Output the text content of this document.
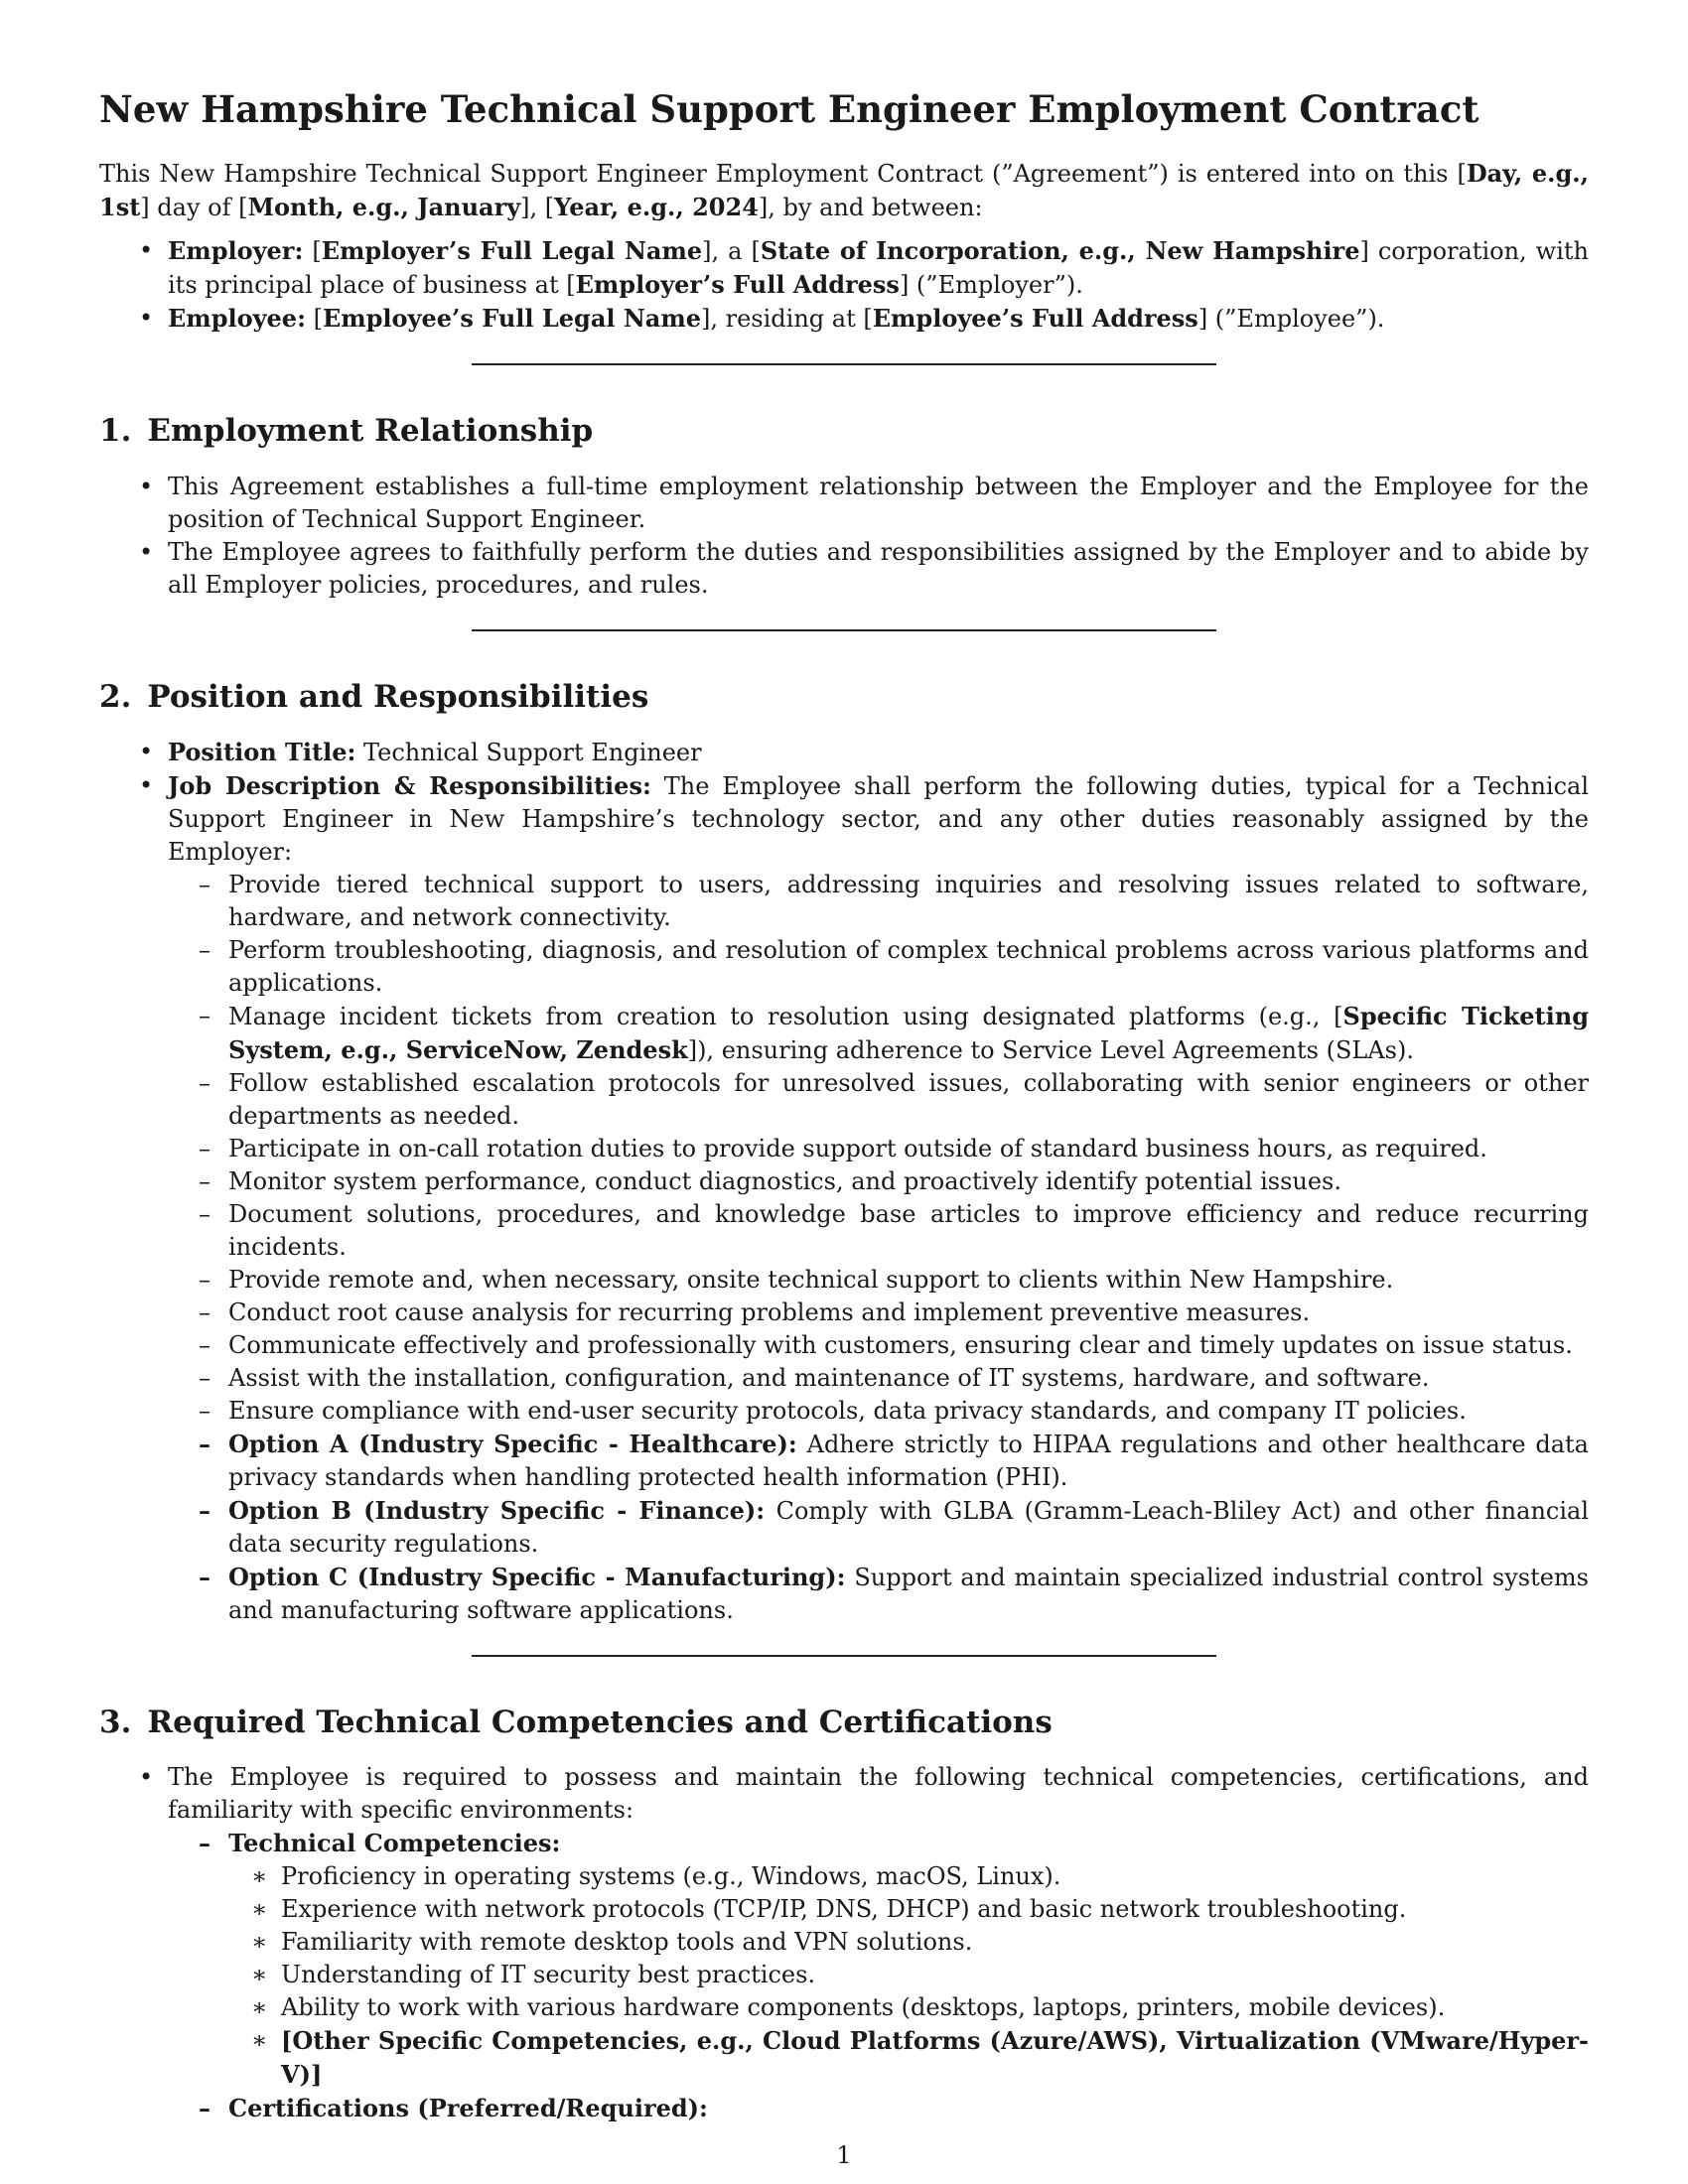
New Hampshire Technical Support Engineer Employment Contract

This New Hampshire Technical Support Engineer Employment Contract (”Agreement”) is entered into on this [Day, e.g., 1st] day of [Month, e.g., January], [Year, e.g., 2024], by and between:

• Employer: [Employer’s Full Legal Name], a [State of Incorporation, e.g., New Hampshire] corporation, with its principal place of business at [Employer’s Full Address] (”Employer”).
• Employee: [Employee’s Full Legal Name], residing at [Employee’s Full Address] (”Employee”).
1. Employment Relationship
• This Agreement establishes a full-time employment relationship between the Employer and the Employee for the position of Technical Support Engineer.
• The Employee agrees to faithfully perform the duties and responsibilities assigned by the Employer and to abide by all Employer policies, procedures, and rules.
2. Position and Responsibilities
• Position Title: Technical Support Engineer
• Job Description & Responsibilities: The Employee shall perform the following duties, typical for a Technical Support Engineer in New Hampshire’s technology sector, and any other duties reasonably assigned by the Employer:
– Provide tiered technical support to users, addressing inquiries and resolving issues related to software, hardware, and network connectivity.
– Perform troubleshooting, diagnosis, and resolution of complex technical problems across various platforms and applications.
– Manage incident tickets from creation to resolution using designated platforms (e.g., [Specific Ticketing System, e.g., ServiceNow, Zendesk]), ensuring adherence to Service Level Agreements (SLAs).
– Follow established escalation protocols for unresolved issues, collaborating with senior engineers or other departments as needed.
– Participate in on-call rotation duties to provide support outside of standard business hours, as required.
– Monitor system performance, conduct diagnostics, and proactively identify potential issues.
– Document solutions, procedures, and knowledge base articles to improve efficiency and reduce recurring incidents.
– Provide remote and, when necessary, onsite technical support to clients within New Hampshire.
– Conduct root cause analysis for recurring problems and implement preventive measures.
– Communicate effectively and professionally with customers, ensuring clear and timely updates on issue status.
– Assist with the installation, configuration, and maintenance of IT systems, hardware, and software.
– Ensure compliance with end-user security protocols, data privacy standards, and company IT policies.
– Option A (Industry Specific - Healthcare): Adhere strictly to HIPAA regulations and other healthcare data privacy standards when handling protected health information (PHI).
– Option B (Industry Specific - Finance): Comply with GLBA (Gramm-Leach-Bliley Act) and other financial data security regulations.
– Option C (Industry Specific - Manufacturing): Support and maintain specialized industrial control systems and manufacturing software applications.
3. Required Technical Competencies and Certifications
• The Employee is required to possess and maintain the following technical competencies, certifications, and familiarity with specific environments:
– Technical Competencies:
∗ Proficiency in operating systems (e.g., Windows, macOS, Linux).
∗ Experience with network protocols (TCP/IP, DNS, DHCP) and basic network troubleshooting.
∗ Familiarity with remote desktop tools and VPN solutions.
∗ Understanding of IT security best practices.
∗ Ability to work with various hardware components (desktops, laptops, printers, mobile devices).
∗ [Other Specific Competencies, e.g., Cloud Platforms (Azure/AWS), Virtualization (VMware/Hyper-V)]
– Certifications (Preferred/Required):
1
